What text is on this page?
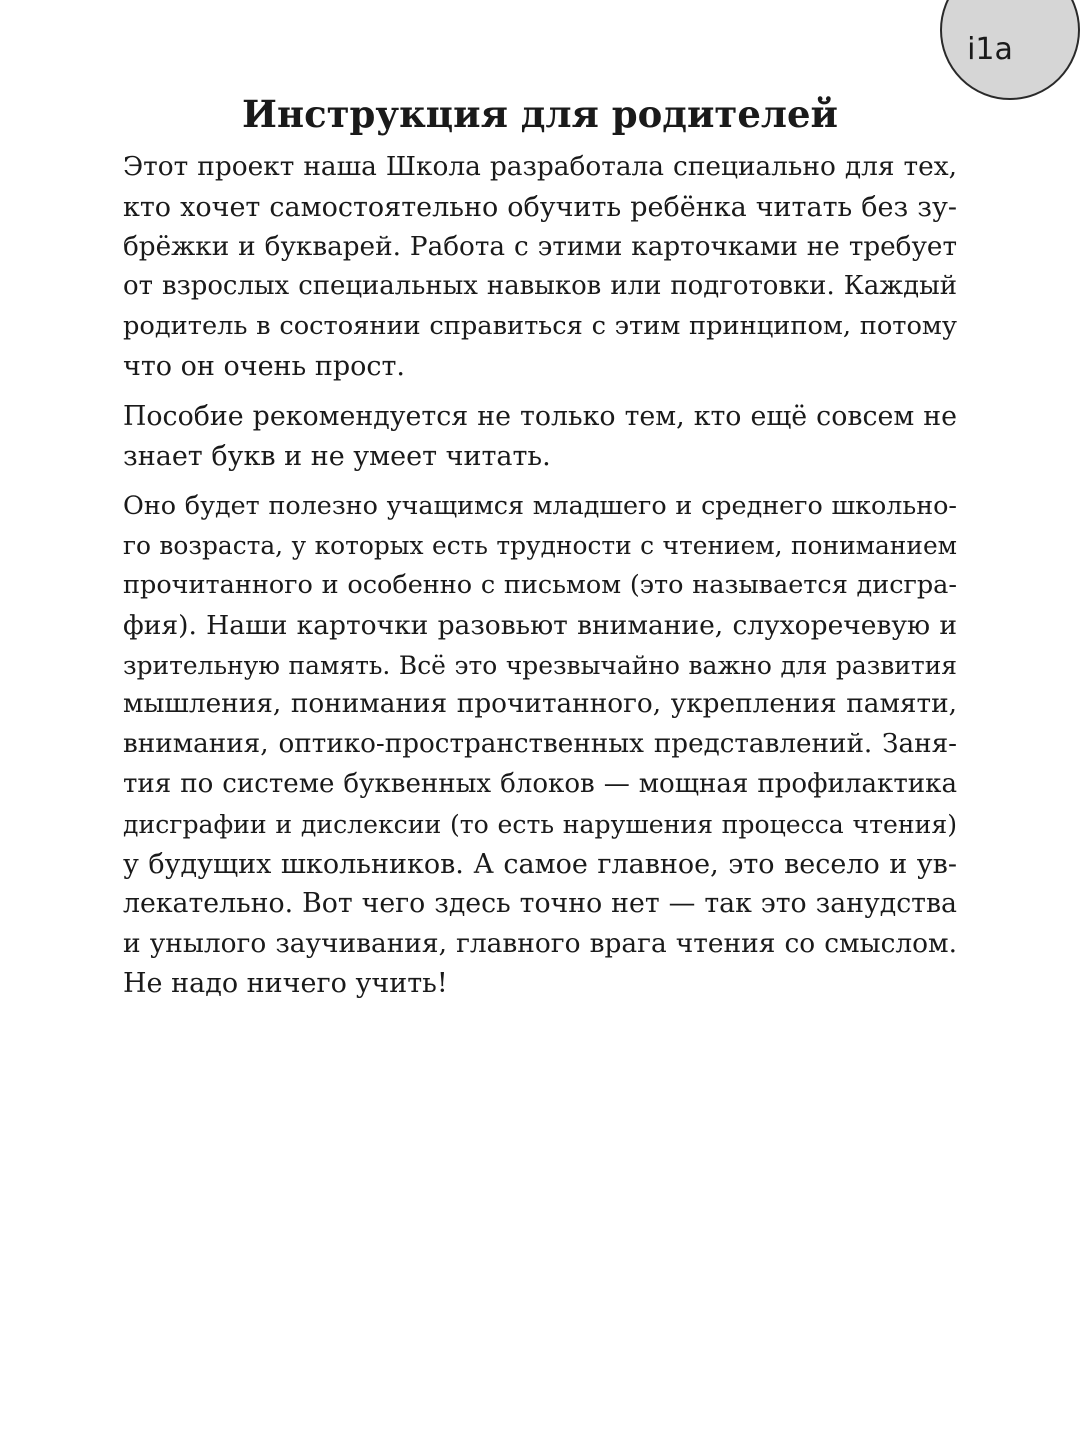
i1a
Инструкция для родителей

Этот проект наша Школа разработала специально для тех,
кто хочет самостоятельно обучить ребёнка читать без зу-
брёжки и букварей. Работа с этими карточками не требует
от взрослых специальных навыков или подготовки. Каждый
родитель в состоянии справиться с этим принципом, потому
что он очень прост.

Пособие рекомендуется не только тем, кто ещё совсем не
знает букв и не умеет читать.

Оно будет полезно учащимся младшего и среднего школьно-
го возраста, у которых есть трудности с чтением, пониманием
прочитанного и особенно с письмом (это называется дисгра-
фия). Наши карточки разовьют внимание, слухоречевую и
зрительную память. Всё это чрезвычайно важно для развития
мышления, понимания прочитанного, укрепления памяти,
внимания, оптико-пространственных представлений. Заня-
тия по системе буквенных блоков — мощная профилактика
дисграфии и дислексии (то есть нарушения процесса чтения)
у будущих школьников. А самое главное, это весело и ув-
лекательно. Вот чего здесь точно нет — так это занудства
и унылого заучивания, главного врага чтения со смыслом.
Не надо ничего учить!
